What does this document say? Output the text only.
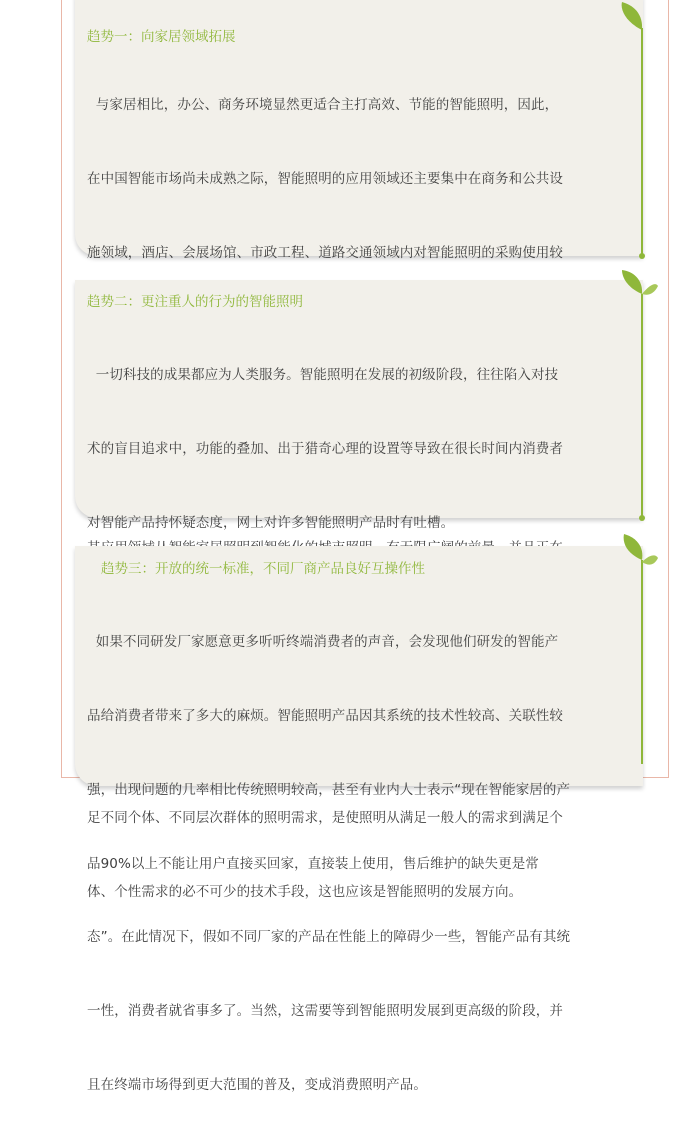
趋势一：向家居领域拓展

与家居相比，办公、商务环境显然更适合主打高效、节能的智能照明，因此，

在中国智能市场尚未成熟之际，智能照明的应用领域还主要集中在商务和公共设

施领域，酒店、会展场馆、市政工程、道路交通领域内对智能照明的采购使用较

趋势二：更注重人的行为的智能照明

一切科技的成果都应为人类服务。智能照明在发展的初级阶段，往往陷入对技

术的盲目追求中，功能的叠加、出于猎奇心理的设置等导致在很长时间内消费者

对智能产品持怀疑态度，网上对许多智能照明产品时有吐槽。

足不同个体、不同层次群体的照明需求，是使照明从满足一般人的需求到满足个

体、个性需求的必不可少的技术手段，这也应该是智能照明的发展方向。

趋势三：开放的统一标准，不同厂商产品良好互操作性

如果不同研发厂家愿意更多听听终端消费者的声音，会发现他们研发的智能产

品给消费者带来了多大的麻烦。智能照明产品因其系统的技术性较高、关联性较

强，出现问题的几率相比传统照明较高，甚至有业内人士表示“现在智能家居的产

品90%以上不能让用户直接买回家，直接装上使用，售后维护的缺失更是常

态”。在此情况下，假如不同厂家的产品在性能上的障碍少一些，智能产品有其统

一性，消费者就省事多了。当然，这需要等到智能照明发展到更高级的阶段，并

且在终端市场得到更大范围的普及，变成消费照明产品。
